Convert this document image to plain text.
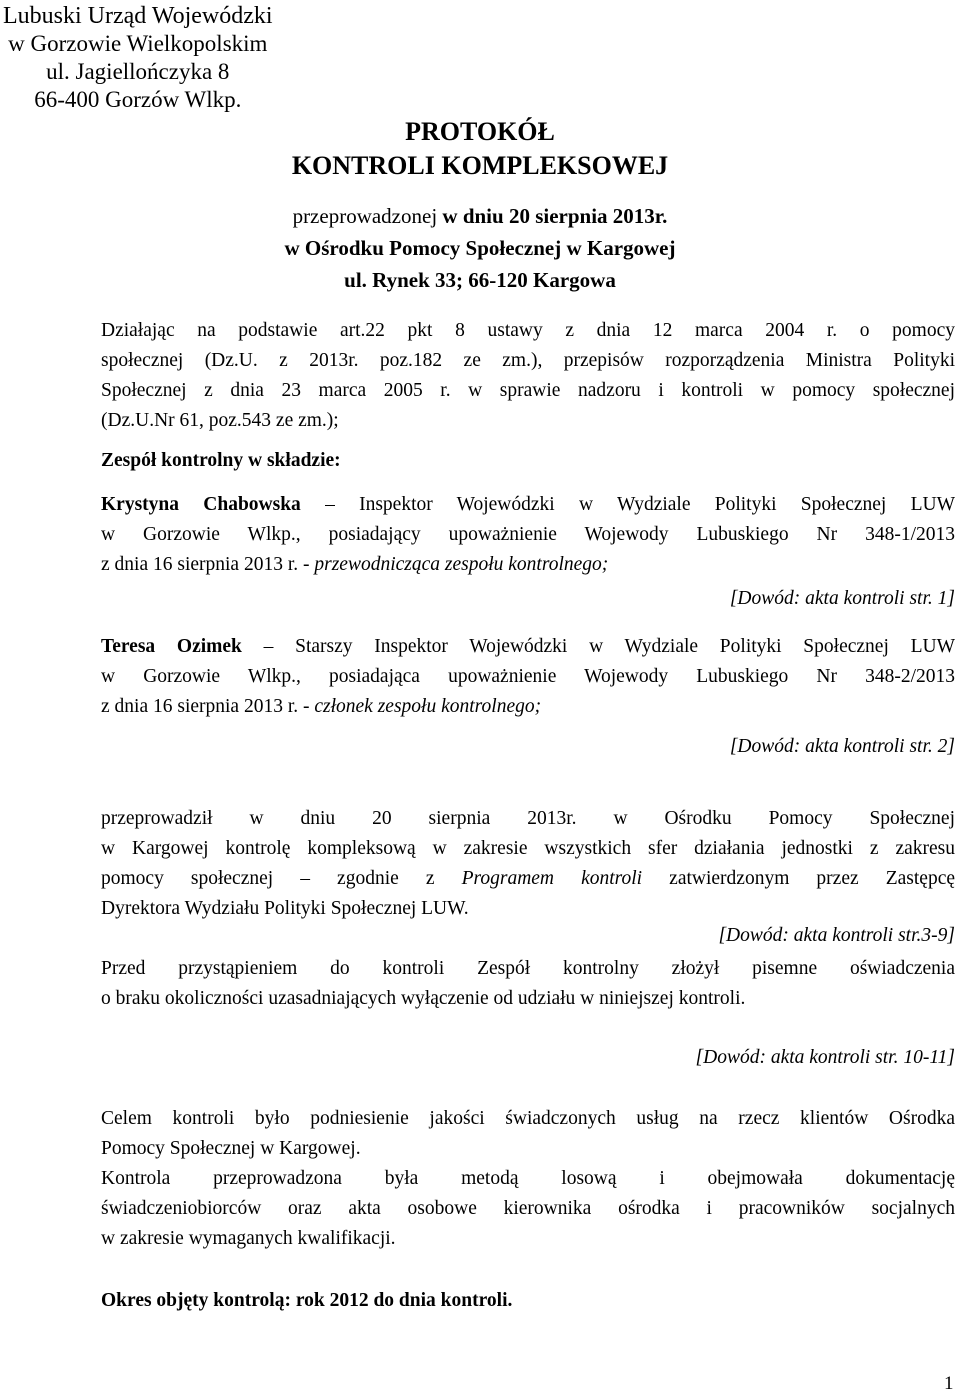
Lubuski Urząd Wojewódzki
w Gorzowie Wielkopolskim
ul. Jagiellończyka 8
66-400 Gorzów Wlkp.
PROTOKÓŁ
KONTROLI KOMPLEKSOWEJ
przeprowadzonej w dniu 20 sierpnia 2013r.
w Ośrodku Pomocy Społecznej w Kargowej
ul. Rynek 33; 66-120 Kargowa
Działając na podstawie art.22 pkt 8 ustawy z dnia 12 marca 2004 r. o pomocy
społecznej (Dz.U. z 2013r. poz.182 ze zm.), przepisów rozporządzenia Ministra Polityki
Społecznej z dnia 23 marca 2005 r. w sprawie nadzoru i kontroli w pomocy społecznej
(Dz.U.Nr 61, poz.543 ze zm.);
Zespół kontrolny w składzie:
Krystyna Chabowska – Inspektor Wojewódzki w Wydziale Polityki Społecznej LUW
w Gorzowie Wlkp., posiadający upoważnienie Wojewody Lubuskiego Nr 348-1/2013
z dnia 16 sierpnia 2013 r. - przewodnicząca zespołu kontrolnego;
[Dowód: akta kontroli str. 1]
Teresa Ozimek – Starszy Inspektor Wojewódzki w Wydziale Polityki Społecznej LUW
w Gorzowie Wlkp., posiadająca upoważnienie Wojewody Lubuskiego Nr 348-2/2013
z dnia 16 sierpnia 2013 r. - członek zespołu kontrolnego;
[Dowód: akta kontroli str. 2]
przeprowadził w dniu 20 sierpnia 2013r. w Ośrodku Pomocy Społecznej
w Kargowej kontrolę kompleksową w zakresie wszystkich sfer działania jednostki z zakresu
pomocy społecznej – zgodnie z Programem kontroli zatwierdzonym przez Zastępcę
Dyrektora Wydziału Polityki Społecznej LUW.
[Dowód: akta kontroli str.3-9]
Przed przystąpieniem do kontroli Zespół kontrolny złożył pisemne oświadczenia
o braku okoliczności uzasadniających wyłączenie od udziału w niniejszej kontroli.
[Dowód: akta kontroli str. 10-11]
Celem kontroli było podniesienie jakości świadczonych usług na rzecz klientów Ośrodka
Pomocy Społecznej w Kargowej.
Kontrola przeprowadzona była metodą losową i obejmowała dokumentację
świadczeniobiorców oraz akta osobowe kierownika ośrodka i pracowników socjalnych
w zakresie wymaganych kwalifikacji.
Okres objęty kontrolą: rok 2012 do dnia kontroli.
1
